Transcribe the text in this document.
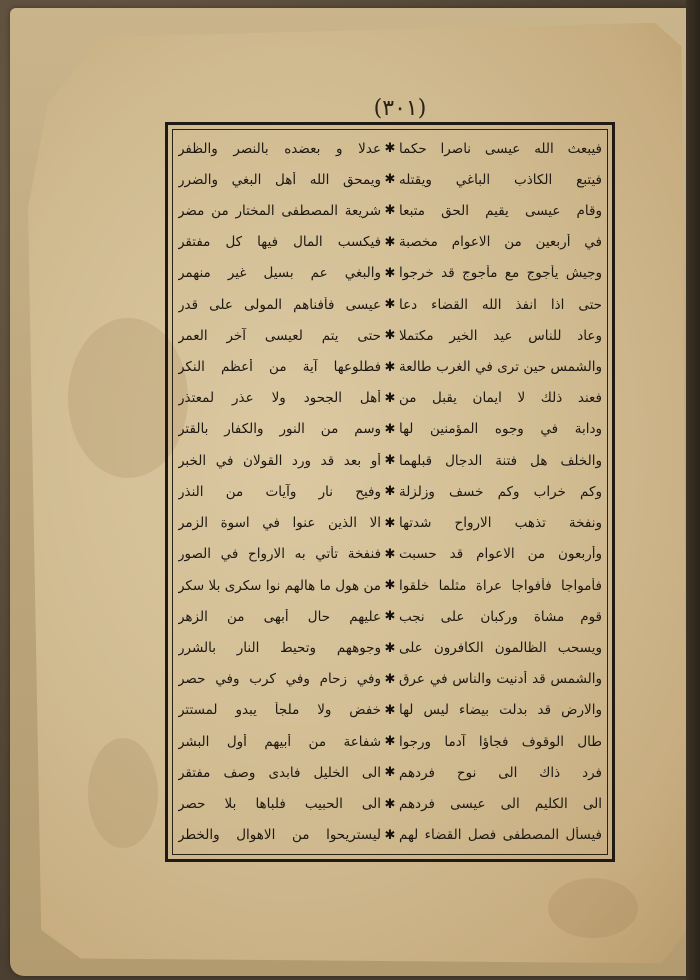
(٣٠١)
فيبعث الله عيسى ناصرا حكما
✱
عدلا و بعضده بالنصر والظفر
فيتبع الكاذب الباغي ويقتله
✱
ويمحق الله أهل البغي والضرر
وقام عيسى يقيم الحق متبعا
✱
شريعة المصطفى المختار من مضر
في أربعين من الاعوام مخصبة
✱
فيكسب المال فيها كل مفتقر
وجيش يأجوج مع مأجوج قد خرجوا
✱
والبغي عم بسيل غير منهمر
حتى اذا انفذ الله القضاء دعا
✱
عيسى فأفناهم المولى على قدر
وعاد للناس عيد الخير مكتملا
✱
حتى يتم لعيسى آخر العمر
والشمس حين ترى في الغرب طالعة
✱
فطلوعها آية من أعظم النكر
فعند ذلك لا ايمان يقبل من
✱
أهل الجحود ولا عذر لمعتذر
ودابة في وجوه المؤمنين لها
✱
وسم من النور والكفار بالقتر
والخلف هل فتنة الدجال قبلهما
✱
أو بعد قد ورد القولان في الخبر
وكم خراب وكم خسف وزلزلة
✱
وفيح نار وآيات من النذر
ونفخة تذهب الارواح شدتها
✱
الا الذين عنوا في اسوة الزمر
وأربعون من الاعوام قد حسبت
✱
فنفخة تأتي به الارواح في الصور
فأمواجا فأفواجا عراة مثلما خلقوا
✱
من هول ما هالهم نوا سكرى بلا سكر
قوم مشاة وركبان على نجب
✱
عليهم حال أبهى من الزهر
ويسحب الظالمون الكافرون على
✱
وجوههم وتحيط النار بالشرر
والشمس قد أدنيت والناس في عرق
✱
وفي زحام وفي كرب وفي حصر
والارض قد بدلت بيضاء ليس لها
✱
خفض ولا ملجأ يبدو لمستتر
طال الوقوف فجاؤا آدما ورجوا
✱
شفاعة من أبيهم أول البشر
فرد ذاك الى نوح فردهم
✱
الى الخليل فابدى وصف مفتقر
الى الكليم الى عيسى فردهم
✱
الى الحبيب فلباها بلا حصر
فيسأل المصطفى فصل القضاء لهم
✱
ليستريحوا من الاهوال والخطر
